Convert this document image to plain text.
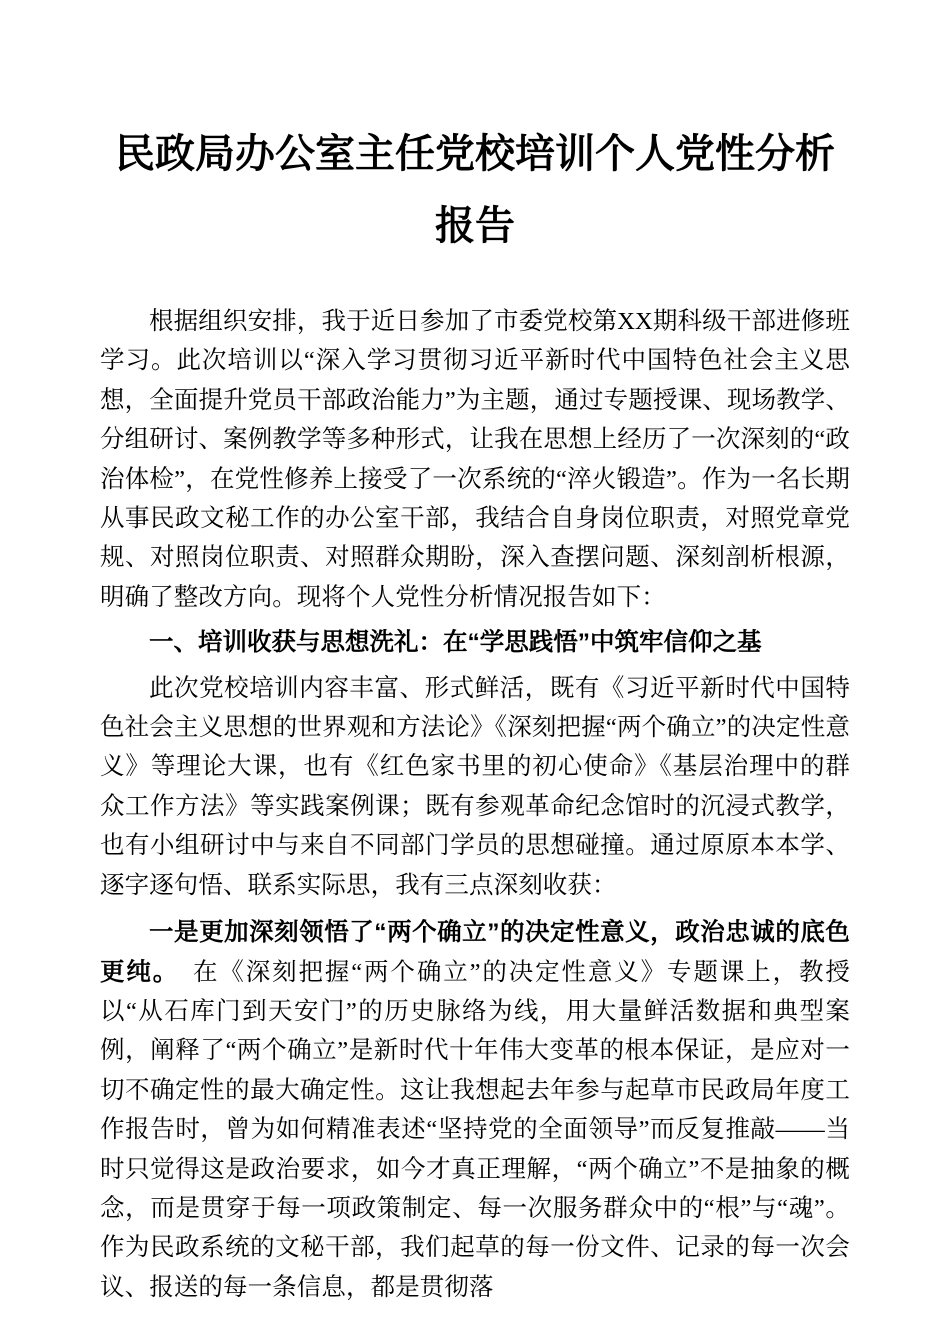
民政局办公室主任党校培训个人党性分析报告

根据组织安排，我于近日参加了市委党校第XX期科级干部进修班学习。此次培训以“深入学习贯彻习近平新时代中国特色社会主义思想，全面提升党员干部政治能力”为主题，通过专题授课、现场教学、分组研讨、案例教学等多种形式，让我在思想上经历了一次深刻的“政治体检”，在党性修养上接受了一次系统的“淬火锻造”。作为一名长期从事民政文秘工作的办公室干部，我结合自身岗位职责，对照党章党规、对照岗位职责、对照群众期盼，深入查摆问题、深刻剖析根源，明确了整改方向。现将个人党性分析情况报告如下：

一、培训收获与思想洗礼：在“学思践悟”中筑牢信仰之基

此次党校培训内容丰富、形式鲜活，既有《习近平新时代中国特色社会主义思想的世界观和方法论》《深刻把握“两个确立”的决定性意义》等理论大课，也有《红色家书里的初心使命》《基层治理中的群众工作方法》等实践案例课；既有参观革命纪念馆时的沉浸式教学，也有小组研讨中与来自不同部门学员的思想碰撞。通过原原本本学、逐字逐句悟、联系实际思，我有三点深刻收获：

一是更加深刻领悟了“两个确立”的决定性意义，政治忠诚的底色更纯。 在《深刻把握“两个确立”的决定性意义》专题课上，教授以“从石库门到天安门”的历史脉络为线，用大量鲜活数据和典型案例，阐释了“两个确立”是新时代十年伟大变革的根本保证，是应对一切不确定性的最大确定性。这让我想起去年参与起草市民政局年度工作报告时，曾为如何精准表述“坚持党的全面领导”而反复推敲——当时只觉得这是政治要求，如今才真正理解，“两个确立”不是抽象的概念，而是贯穿于每一项政策制定、每一次服务群众中的“根”与“魂”。作为民政系统的文秘干部，我们起草的每一份文件、记录的每一次会议、报送的每一条信息，都是贯彻落
